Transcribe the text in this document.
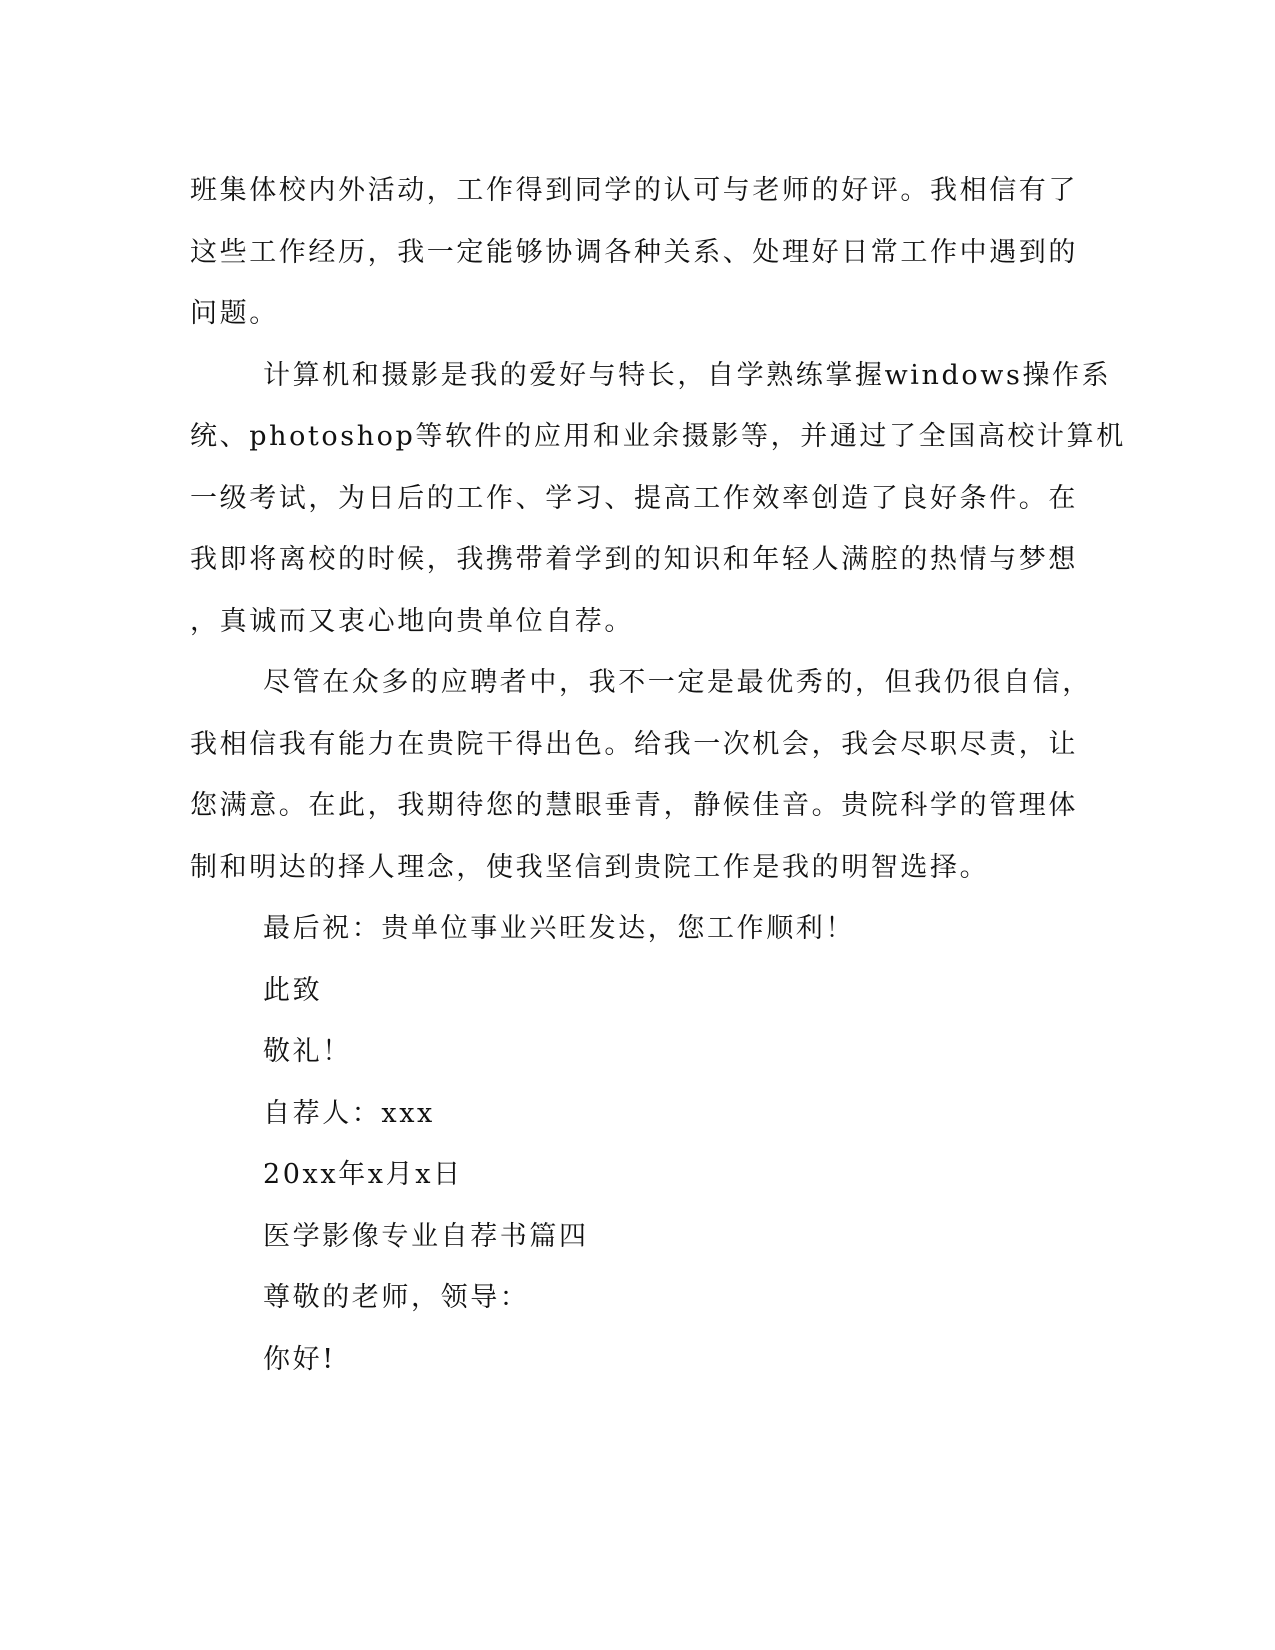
班集体校内外活动，工作得到同学的认可与老师的好评。我相信有了
这些工作经历，我一定能够协调各种关系、处理好日常工作中遇到的
问题。

计算机和摄影是我的爱好与特长，自学熟练掌握windows操作系
统、photoshop等软件的应用和业余摄影等，并通过了全国高校计算机
一级考试，为日后的工作、学习、提高工作效率创造了良好条件。在
我即将离校的时候，我携带着学到的知识和年轻人满腔的热情与梦想
，真诚而又衷心地向贵单位自荐。

尽管在众多的应聘者中，我不一定是最优秀的，但我仍很自信，
我相信我有能力在贵院干得出色。给我一次机会，我会尽职尽责，让
您满意。在此，我期待您的慧眼垂青，静候佳音。贵院科学的管理体
制和明达的择人理念，使我坚信到贵院工作是我的明智选择。

最后祝：贵单位事业兴旺发达，您工作顺利！

此致

敬礼！

自荐人：xxx

20xx年x月x日

医学影像专业自荐书篇四

尊敬的老师，领导：

你好!
